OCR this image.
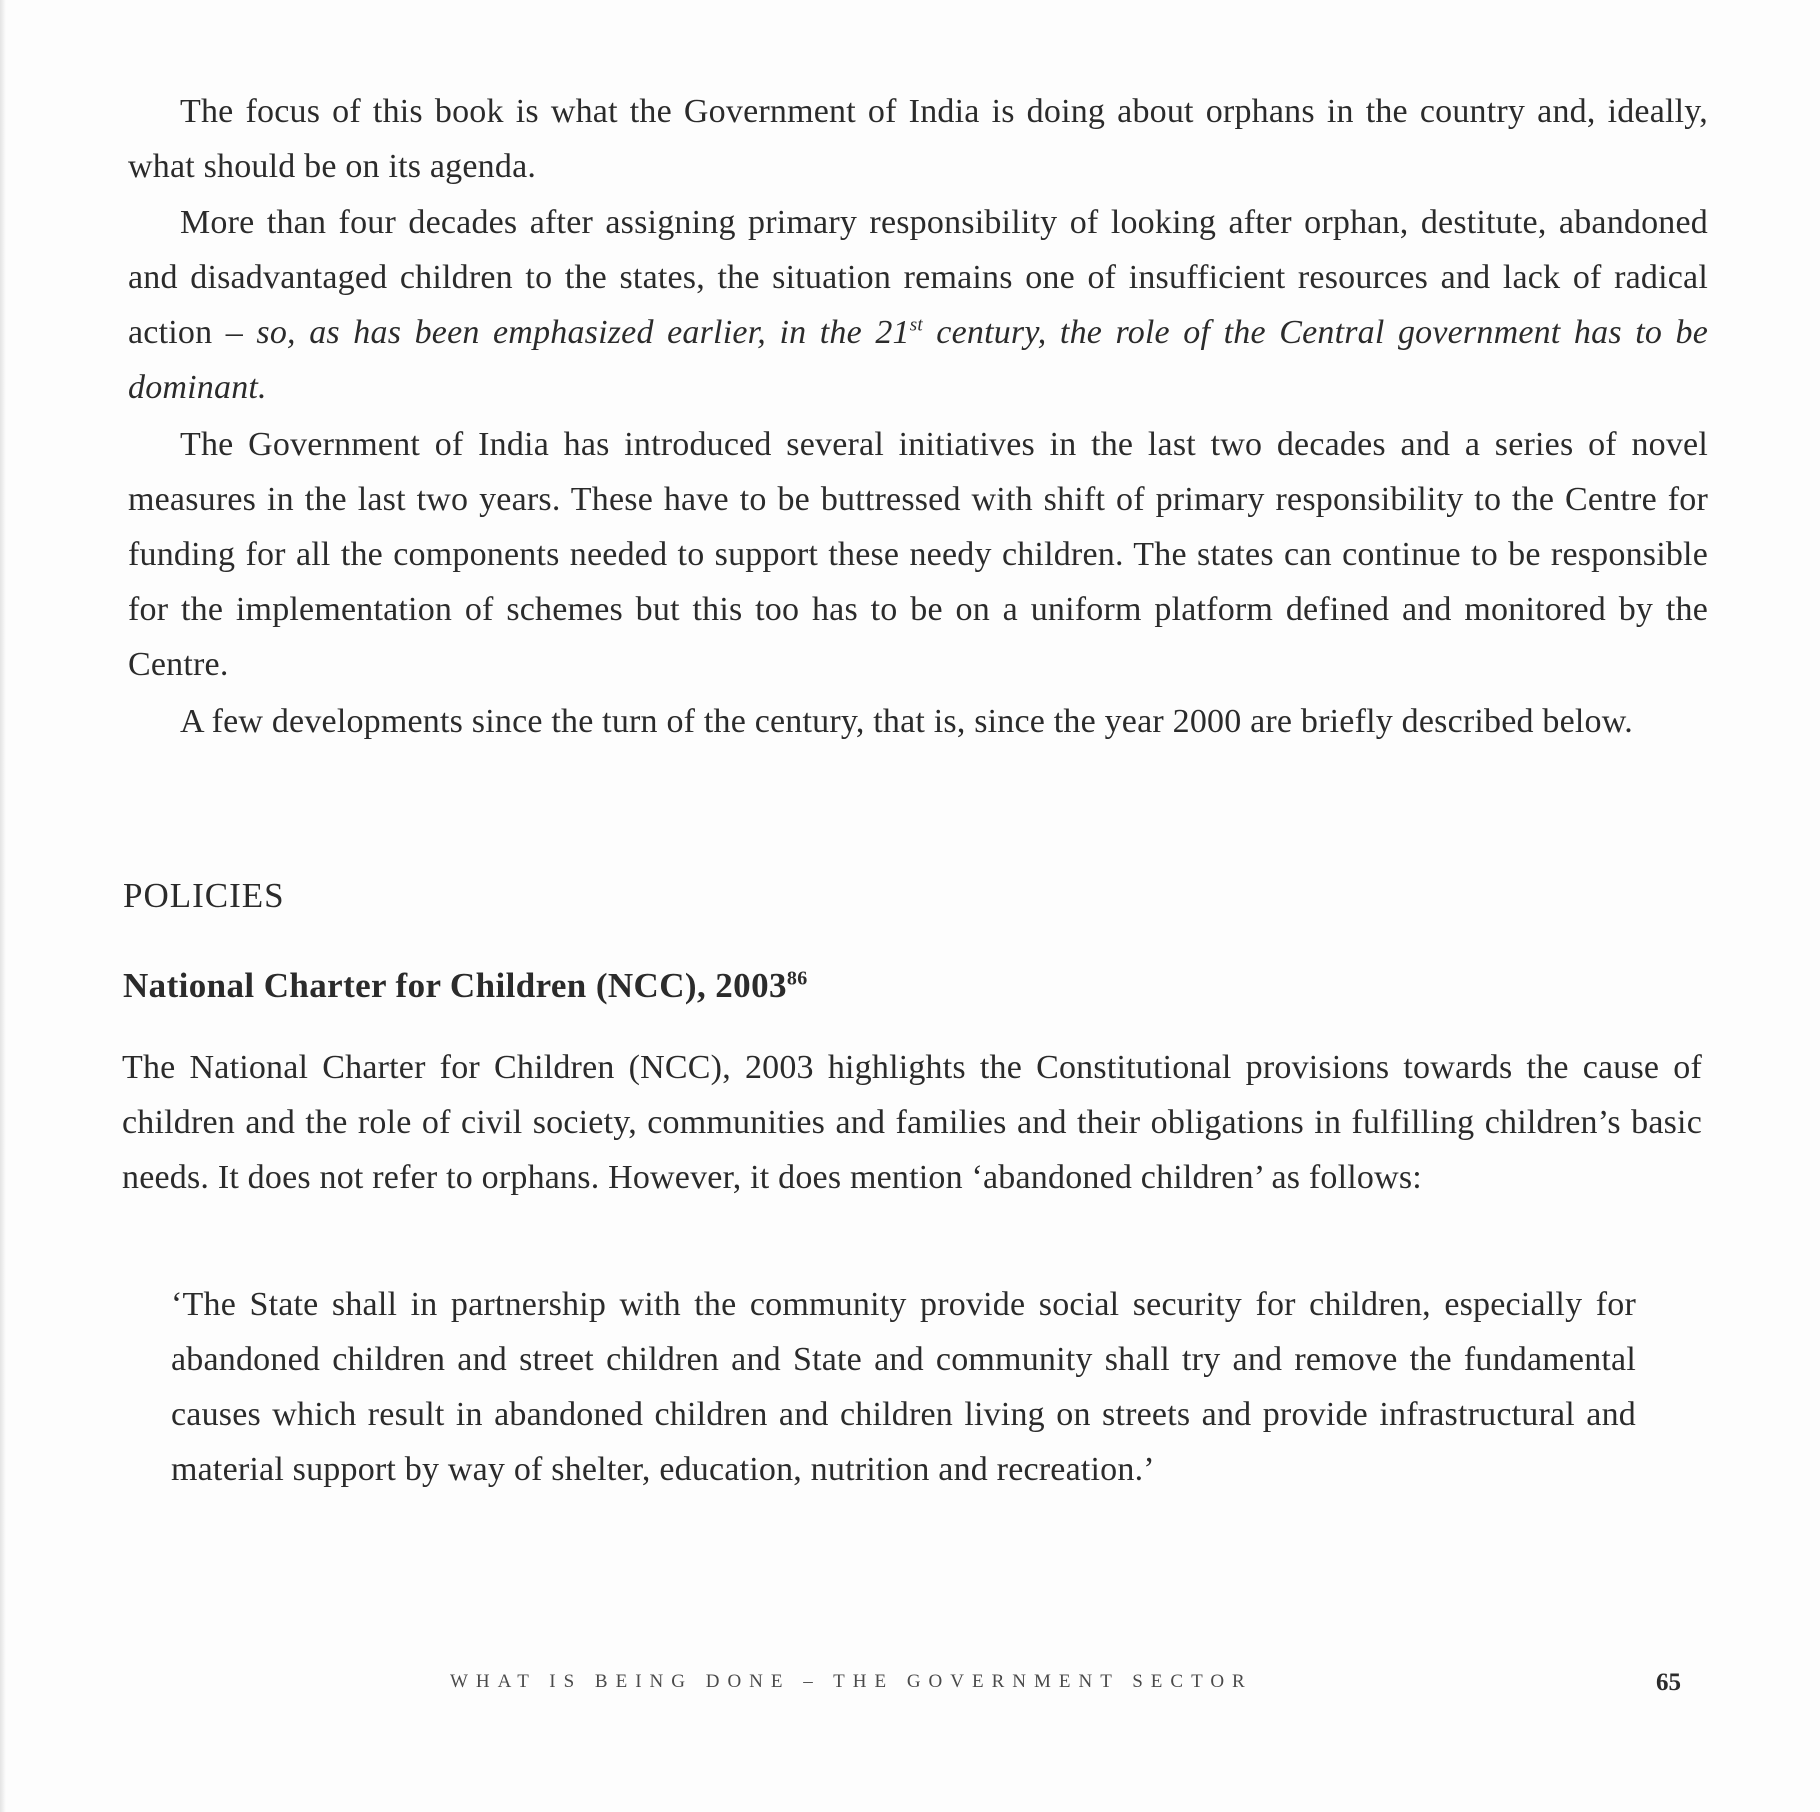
The focus of this book is what the Government of India is doing about orphans in the country and, ideally, what should be on its agenda.

More than four decades after assigning primary responsibility of looking after orphan, destitute, abandoned and disadvantaged children to the states, the situation remains one of insufficient resources and lack of radical action – so, as has been emphasized earlier, in the 21st century, the role of the Central government has to be dominant.

The Government of India has introduced several initiatives in the last two decades and a series of novel measures in the last two years. These have to be buttressed with shift of primary responsibility to the Centre for funding for all the components needed to support these needy children. The states can continue to be responsible for the implementation of schemes but this too has to be on a uniform platform defined and monitored by the Centre.

A few developments since the turn of the century, that is, since the year 2000 are briefly described below.

POLICIES
National Charter for Children (NCC), 2003$^{86}$

The National Charter for Children (NCC), 2003 highlights the Constitutional provisions towards the cause of children and the role of civil society, communities and families and their obligations in fulfilling children’s basic needs. It does not refer to orphans. However, it does mention ‘abandoned children’ as follows:

‘The State shall in partnership with the community provide social security for children, especially for abandoned children and street children and State and community shall try and remove the fundamental causes which result in abandoned children and children living on streets and provide infrastructural and material support by way of shelter, education, nutrition and recreation.’

WHAT IS BEING DONE – THE GOVERNMENT SECTOR	65
